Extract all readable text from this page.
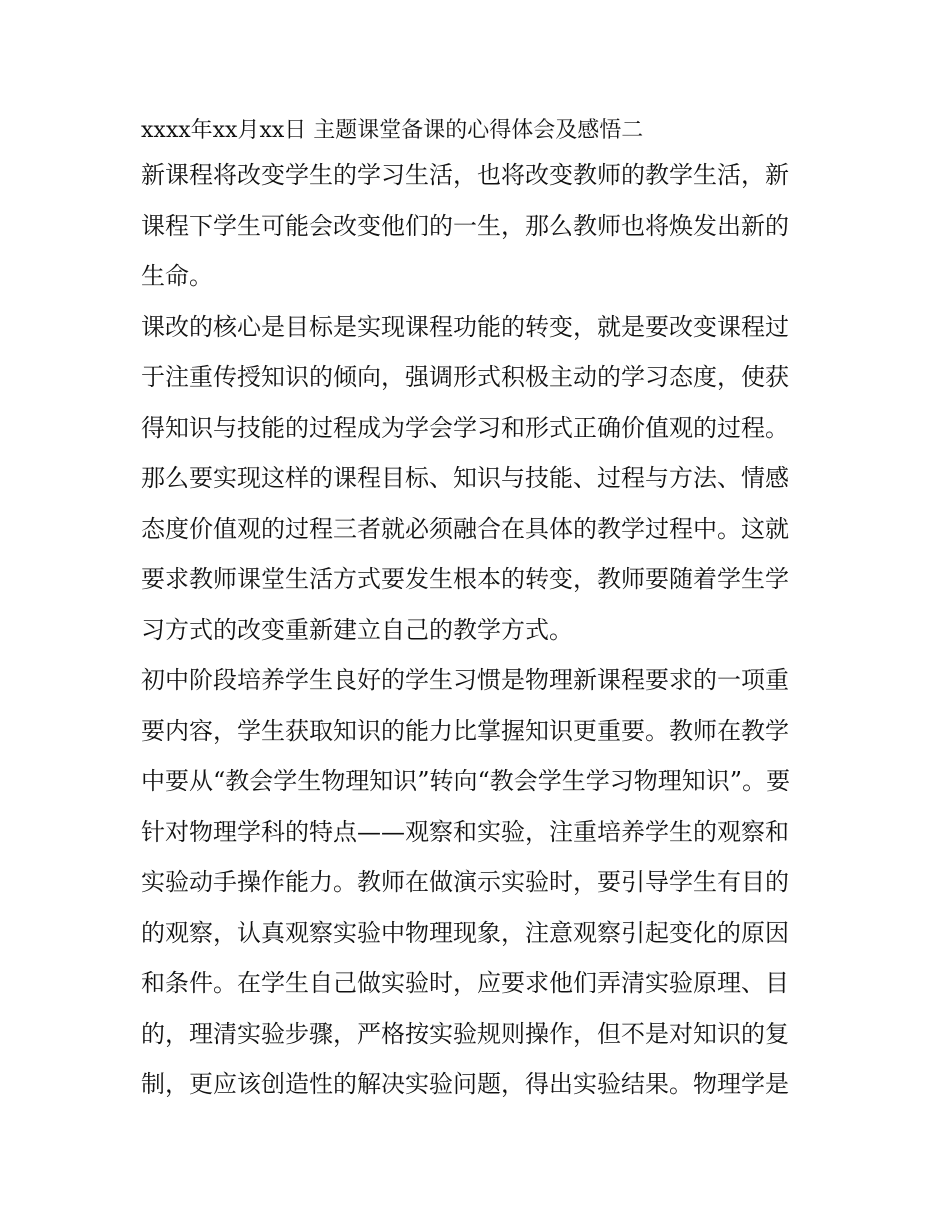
xxxx年xx月xx日 主题课堂备课的心得体会及感悟二

新课程将改变学生的学习生活，也将改变教师的教学生活，新
课程下学生可能会改变他们的一生，那么教师也将焕发出新的
生命。

课改的核心是目标是实现课程功能的转变，就是要改变课程过
于注重传授知识的倾向，强调形式积极主动的学习态度，使获
得知识与技能的过程成为学会学习和形式正确价值观的过程。

那么要实现这样的课程目标、知识与技能、过程与方法、情感
态度价值观的过程三者就必须融合在具体的教学过程中。这就
要求教师课堂生活方式要发生根本的转变，教师要随着学生学
习方式的改变重新建立自己的教学方式。

初中阶段培养学生良好的学生习惯是物理新课程要求的一项重
要内容，学生获取知识的能力比掌握知识更重要。教师在教学
中要从“教会学生物理知识”转向“教会学生学习物理知识”。要
针对物理学科的特点——观察和实验，注重培养学生的观察和
实验动手操作能力。教师在做演示实验时，要引导学生有目的
的观察，认真观察实验中物理现象，注意观察引起变化的原因
和条件。在学生自己做实验时，应要求他们弄清实验原理、目
的，理清实验步骤，严格按实验规则操作，但不是对知识的复
制，更应该创造性的解决实验问题，得出实验结果。物理学是
